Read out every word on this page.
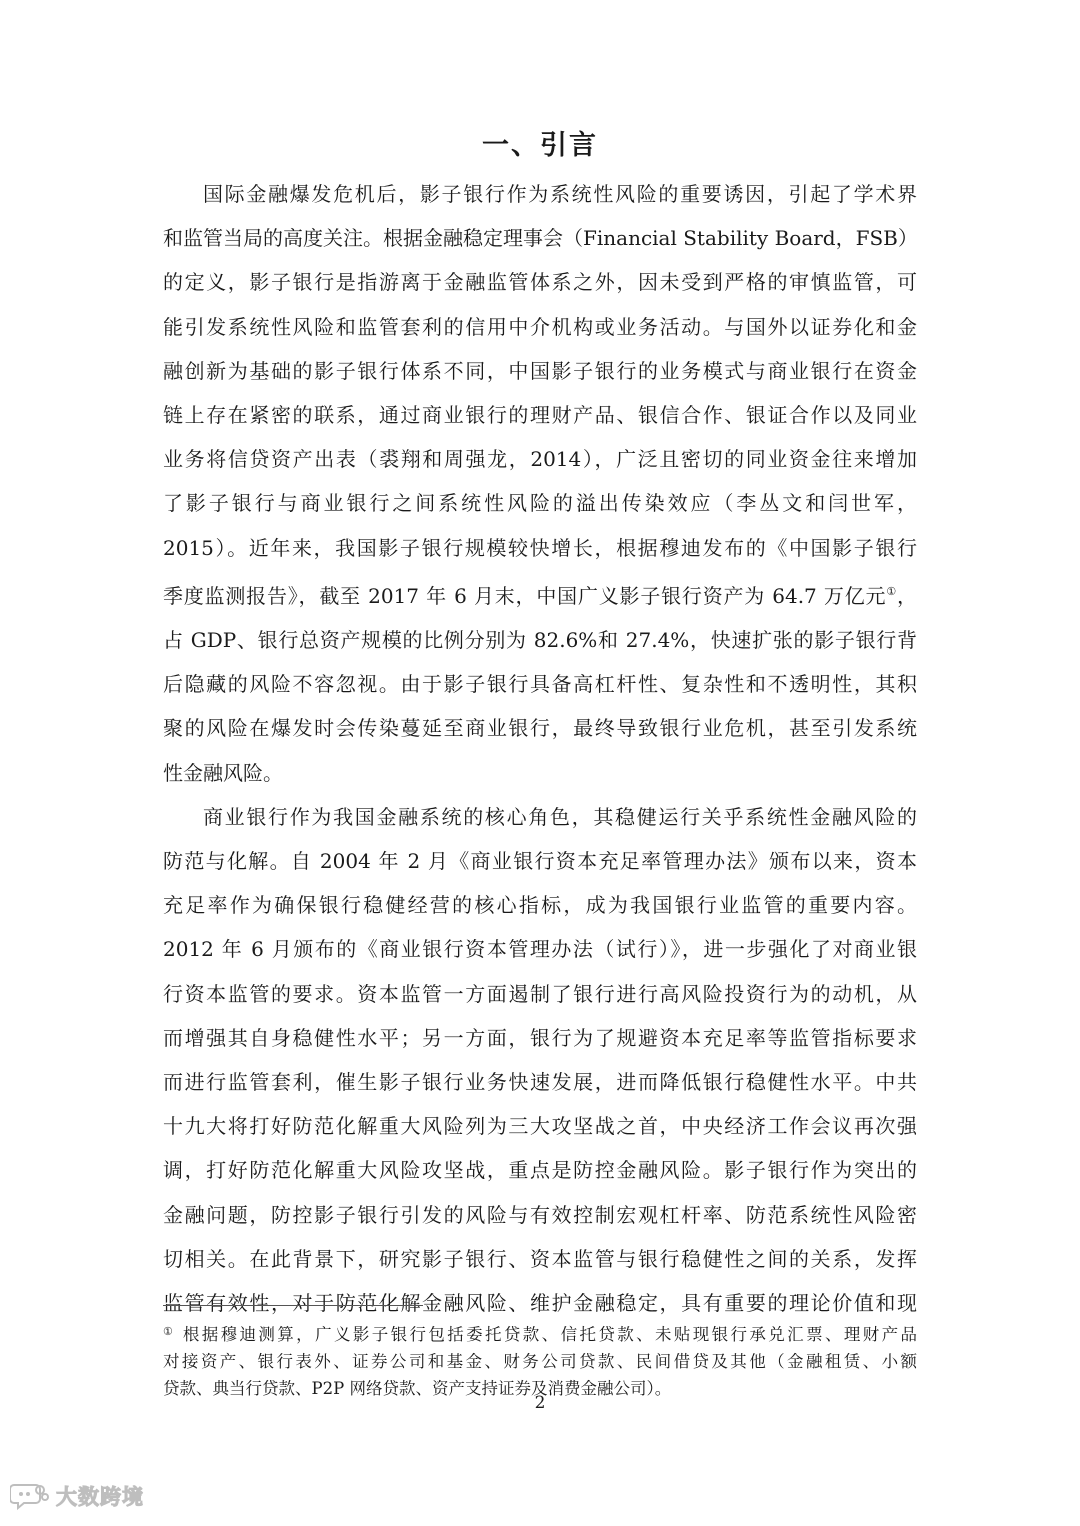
一、引言
国际金融爆发危机后，影子银行作为系统性风险的重要诱因，引起了学术界
和监管当局的高度关注。根据金融稳定理事会（Financial Stability Board，FSB）
的定义，影子银行是指游离于金融监管体系之外，因未受到严格的审慎监管，可
能引发系统性风险和监管套利的信用中介机构或业务活动。与国外以证券化和金
融创新为基础的影子银行体系不同，中国影子银行的业务模式与商业银行在资金
链上存在紧密的联系，通过商业银行的理财产品、银信合作、银证合作以及同业
业务将信贷资产出表（裘翔和周强龙，2014），广泛且密切的同业资金往来增加
了影子银行与商业银行之间系统性风险的溢出传染效应（李丛文和闫世军，
2015）。近年来，我国影子银行规模较快增长，根据穆迪发布的《中国影子银行
季度监测报告》，截至 2017 年 6 月末，中国广义影子银行资产为 64.7 万亿元①，
占 GDP、银行总资产规模的比例分别为 82.6%和 27.4%，快速扩张的影子银行背
后隐藏的风险不容忽视。由于影子银行具备高杠杆性、复杂性和不透明性，其积
聚的风险在爆发时会传染蔓延至商业银行，最终导致银行业危机，甚至引发系统
性金融风险。
商业银行作为我国金融系统的核心角色，其稳健运行关乎系统性金融风险的
防范与化解。自 2004 年 2 月《商业银行资本充足率管理办法》颁布以来，资本
充足率作为确保银行稳健经营的核心指标，成为我国银行业监管的重要内容。
2012 年 6 月颁布的《商业银行资本管理办法（试行）》，进一步强化了对商业银
行资本监管的要求。资本监管一方面遏制了银行进行高风险投资行为的动机，从
而增强其自身稳健性水平；另一方面，银行为了规避资本充足率等监管指标要求
而进行监管套利，催生影子银行业务快速发展，进而降低银行稳健性水平。中共
十九大将打好防范化解重大风险列为三大攻坚战之首，中央经济工作会议再次强
调，打好防范化解重大风险攻坚战，重点是防控金融风险。影子银行作为突出的
金融问题，防控影子银行引发的风险与有效控制宏观杠杆率、防范系统性风险密
切相关。在此背景下，研究影子银行、资本监管与银行稳健性之间的关系，发挥
监管有效性，对于防范化解金融风险、维护金融稳定，具有重要的理论价值和现
① 根据穆迪测算，广义影子银行包括委托贷款、信托贷款、未贴现银行承兑汇票、理财产品
对接资产、银行表外、证券公司和基金、财务公司贷款、民间借贷及其他（金融租赁、小额
贷款、典当行贷款、P2P 网络贷款、资产支持证券及消费金融公司）。
2
大数跨境
